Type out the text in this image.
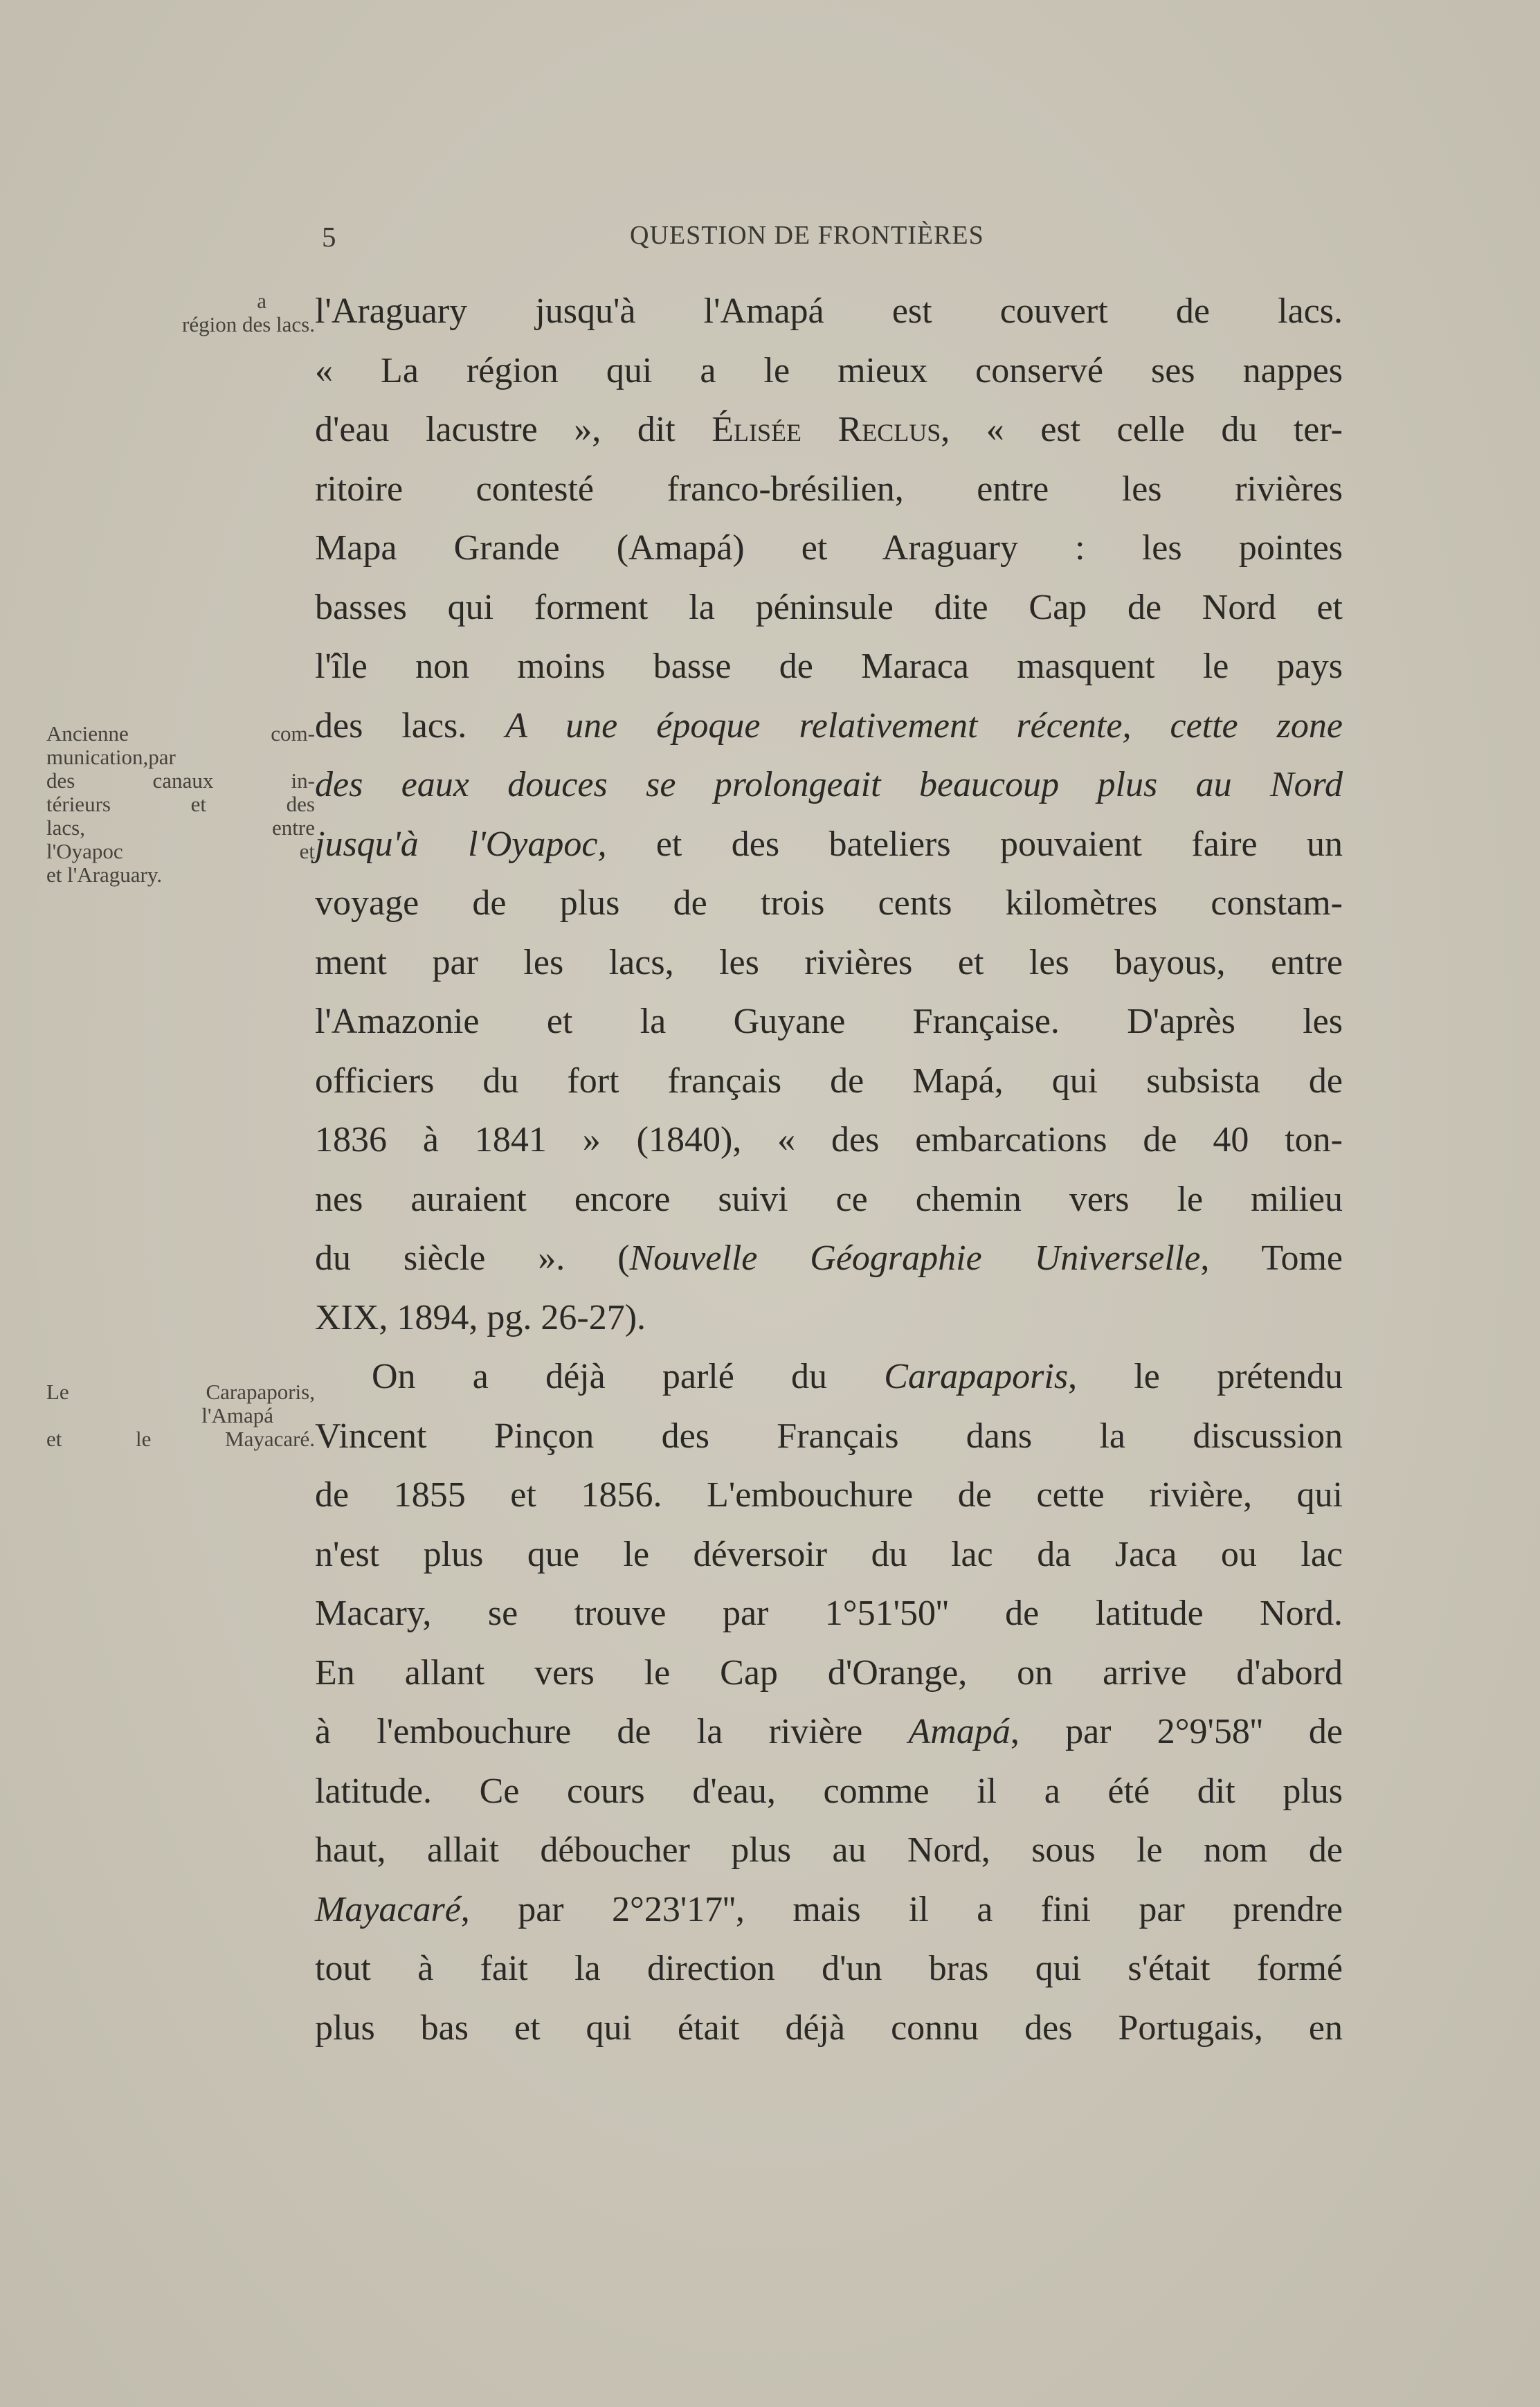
5	QUESTION DE FRONTIÈRES
a
région des lacs.
Ancienne com-
munication,par
des canaux in-
térieurs et des
lacs, entre
l'Oyapoc et
et l'Araguary.
Le Carapaporis,
l'Amapá
et le Mayacaré.
l'Araguary jusqu'à l'Amapá est couvert de lacs.
« La région qui a le mieux conservé ses nappes
d'eau lacustre », dit Élisée Reclus, « est celle du ter-
ritoire contesté franco-brésilien, entre les rivières
Mapa Grande (Amapá) et Araguary : les pointes
basses qui forment la péninsule dite Cap de Nord et
l'île non moins basse de Maraca masquent le pays
des lacs. A une époque relativement récente, cette zone
des eaux douces se prolongeait beaucoup plus au Nord
jusqu'à l'Oyapoc, et des bateliers pouvaient faire un
voyage de plus de trois cents kilomètres constam-
ment par les lacs, les rivières et les bayous, entre
l'Amazonie et la Guyane Française. D'après les
officiers du fort français de Mapá, qui subsista de
1836 à 1841 » (1840), « des embarcations de 40 ton-
nes auraient encore suivi ce chemin vers le milieu
du siècle ». (Nouvelle Géographie Universelle, Tome
XIX, 1894, pg. 26-27).
On a déjà parlé du Carapaporis, le prétendu
Vincent Pinçon des Français dans la discussion
de 1855 et 1856. L'embouchure de cette rivière, qui
n'est plus que le déversoir du lac da Jaca ou lac
Macary, se trouve par 1°51'50'' de latitude Nord.
En allant vers le Cap d'Orange, on arrive d'abord
à l'embouchure de la rivière Amapá, par 2°9'58'' de
latitude. Ce cours d'eau, comme il a été dit plus
haut, allait déboucher plus au Nord, sous le nom de
Mayacaré, par 2°23'17'', mais il a fini par prendre
tout à fait la direction d'un bras qui s'était formé
plus bas et qui était déjà connu des Portugais, en
